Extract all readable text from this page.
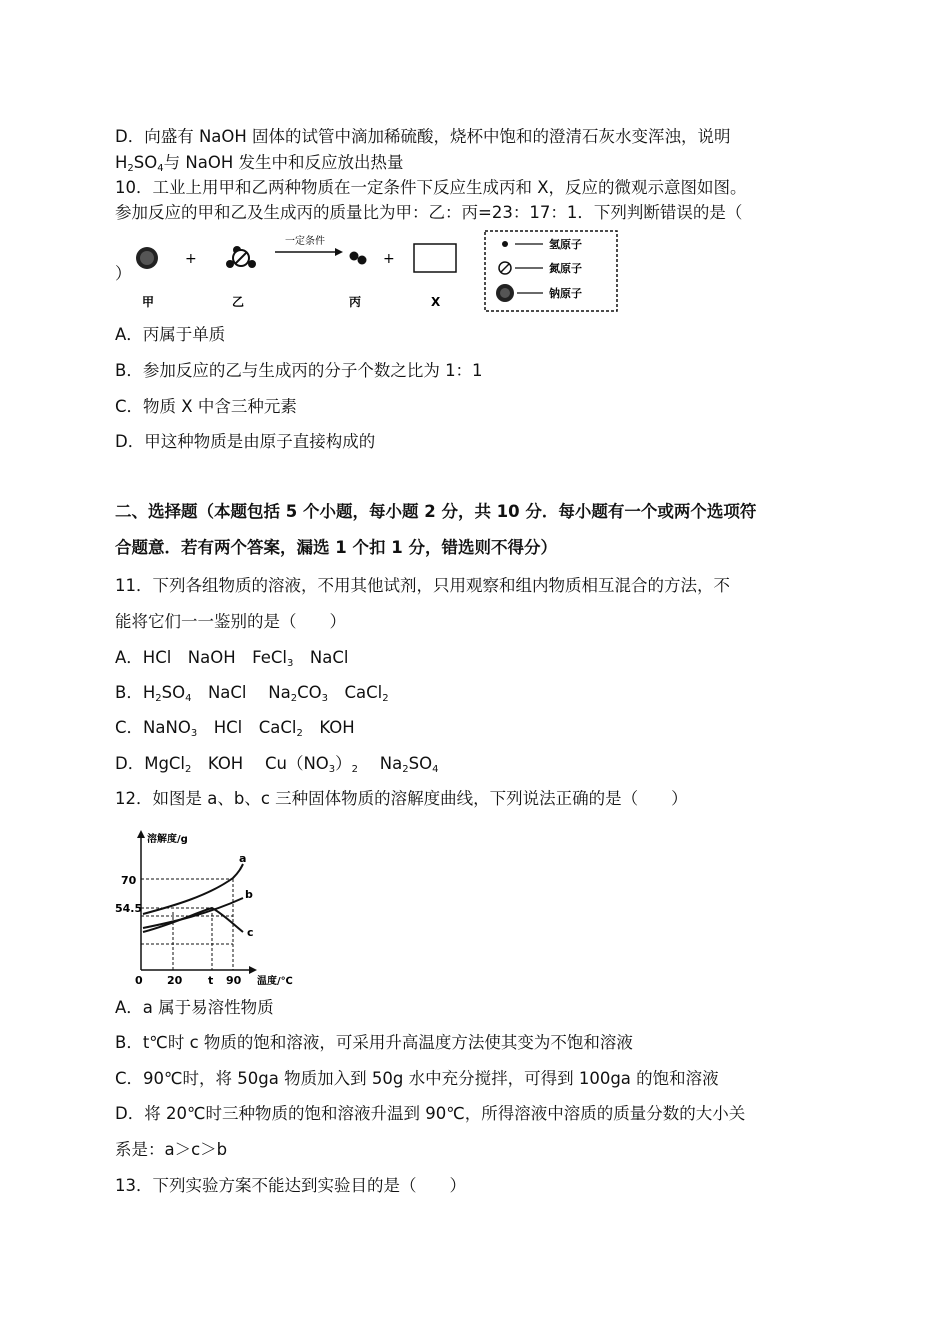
D．向盛有 NaOH 固体的试管中滴加稀硫酸，烧杯中饱和的澄清石灰水变浑浊，说明
$H_2SO_4$与 NaOH 发生中和反应放出热量
10．工业上用甲和乙两种物质在一定条件下反应生成丙和 X，反应的微观示意图如图。
参加反应的甲和乙及生成丙的质量比为甲：乙：丙=23：17：1．下列判断错误的是（
）
+
一定条件
+
甲	乙	丙	X
氢原子
氮原子
钠原子
A．丙属于单质
B．参加反应的乙与生成丙的分子个数之比为 1：1
C．物质 X 中含三种元素
D．甲这种物质是由原子直接构成的
二、选择题（本题包括 5 个小题，每小题 2 分，共 10 分．每小题有一个或两个选项符
合题意．若有两个答案，漏选 1 个扣 1 分，错选则不得分）
11．下列各组物质的溶液，不用其他试剂，只用观察和组内物质相互混合的方法，不
能将它们一一鉴别的是（　　）
A．HCl　NaOH　FeCl$_3$　NaCl
B．$H_2SO_4$　NaCl　 $Na_2CO_3$　CaCl$_2$
C．NaNO$_3$　HCl　CaCl$_2$　KOH
D．MgCl$_2$　KOH　 $Cu(NO_3)_2$　 $Na_2SO_4$
12．如图是 a、b、c 三种固体物质的溶解度曲线，下列说法正确的是（　　）
溶解度/g
温度/℃
70
54.5
0 20 t 90
a
b
c
A．a 属于易溶性物质
B．t℃时 c 物质的饱和溶液，可采用升高温度方法使其变为不饱和溶液
C．90℃时，将 50ga 物质加入到 50g 水中充分搅拌，可得到 100ga 的饱和溶液
D．将 20℃时三种物质的饱和溶液升温到 90℃，所得溶液中溶质的质量分数的大小关
系是：a＞c＞b
13．下列实验方案不能达到实验目的是（　　）
